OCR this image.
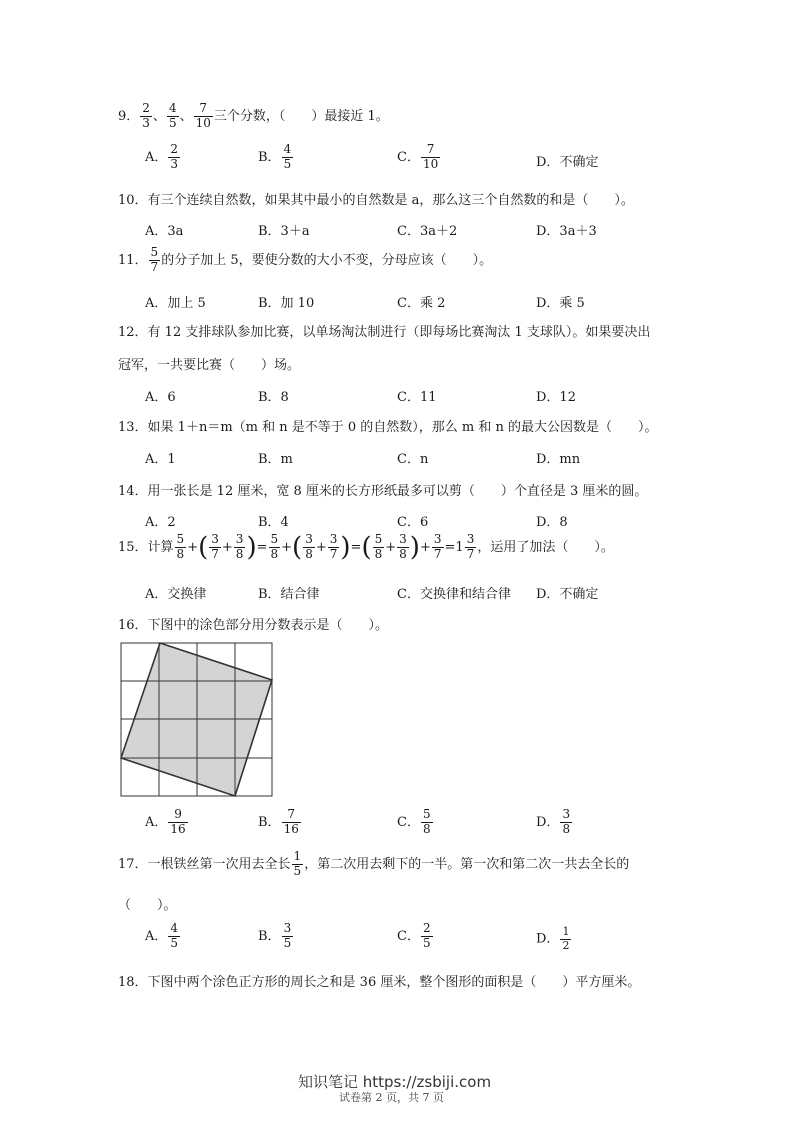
9． $\frac{2}{3}$ 、 $\frac{4}{5}$ 、 $\frac{7}{10}$ 三个分数，（　　）最接近 1。
A． $\frac{2}{3}$	B． $\frac{4}{5}$	C． $\frac{7}{10}$	D．不确定
10．有三个连续自然数，如果其中最小的自然数是 a，那么这三个自然数的和是（　　）。
A．3a	B．3＋a	C．3a＋2	D．3a＋3
11． $\frac{5}{7}$ 的分子加上 5，要使分数的大小不变，分母应该（　　）。
A．加上 5	B．加 10	C．乘 2	D．乘 5
12．有 12 支排球队参加比赛，以单场淘汰制进行（即每场比赛淘汰 1 支球队）。如果要决出
冠军，一共要比赛（　　）场。
A．6	B．8	C．11	D．12
13．如果 1＋n＝m（m 和 n 是不等于 0 的自然数），那么 m 和 n 的最大公因数是（　　）。
A．1	B．m	C．n	D．mn
14．用一张长是 12 厘米，宽 8 厘米的长方形纸最多可以剪（　　）个直径是 3 厘米的圆。
A．2	B．4	C．6	D．8
15．计算 $\frac{5}{8}$ +( $\frac{3}{7} + \frac{3}{8}$ )= $\frac{5}{8}$ +( $\frac{3}{8} + \frac{3}{7}$ )=( $\frac{5}{8} + \frac{3}{8}$ )+ $\frac{3}{7} =1 \frac{3}{7}$ ，运用了加法（　　）。
A．交换律	B．结合律	C．交换律和结合律 D．不确定
16．下图中的涂色部分用分数表示是（　　）。
A． $\frac{9}{16}$	B． $\frac{7}{16}$	C． $\frac{5}{8}$	D． $\frac{3}{8}$
17．一根铁丝第一次用去全长 $\frac{1}{5}$ ，第二次用去剩下的一半。第一次和第二次一共去全长的
（　　）。
A． $\frac{4}{5}$	B． $\frac{3}{5}$	C． $\frac{2}{5}$	D． $\frac{1}{2}$
18．下图中两个涂色正方形的周长之和是 36 厘米，整个图形的面积是（　　）平方厘米。
知识笔记 https://zsbiji.com
试卷第 2 页，共 7 页
